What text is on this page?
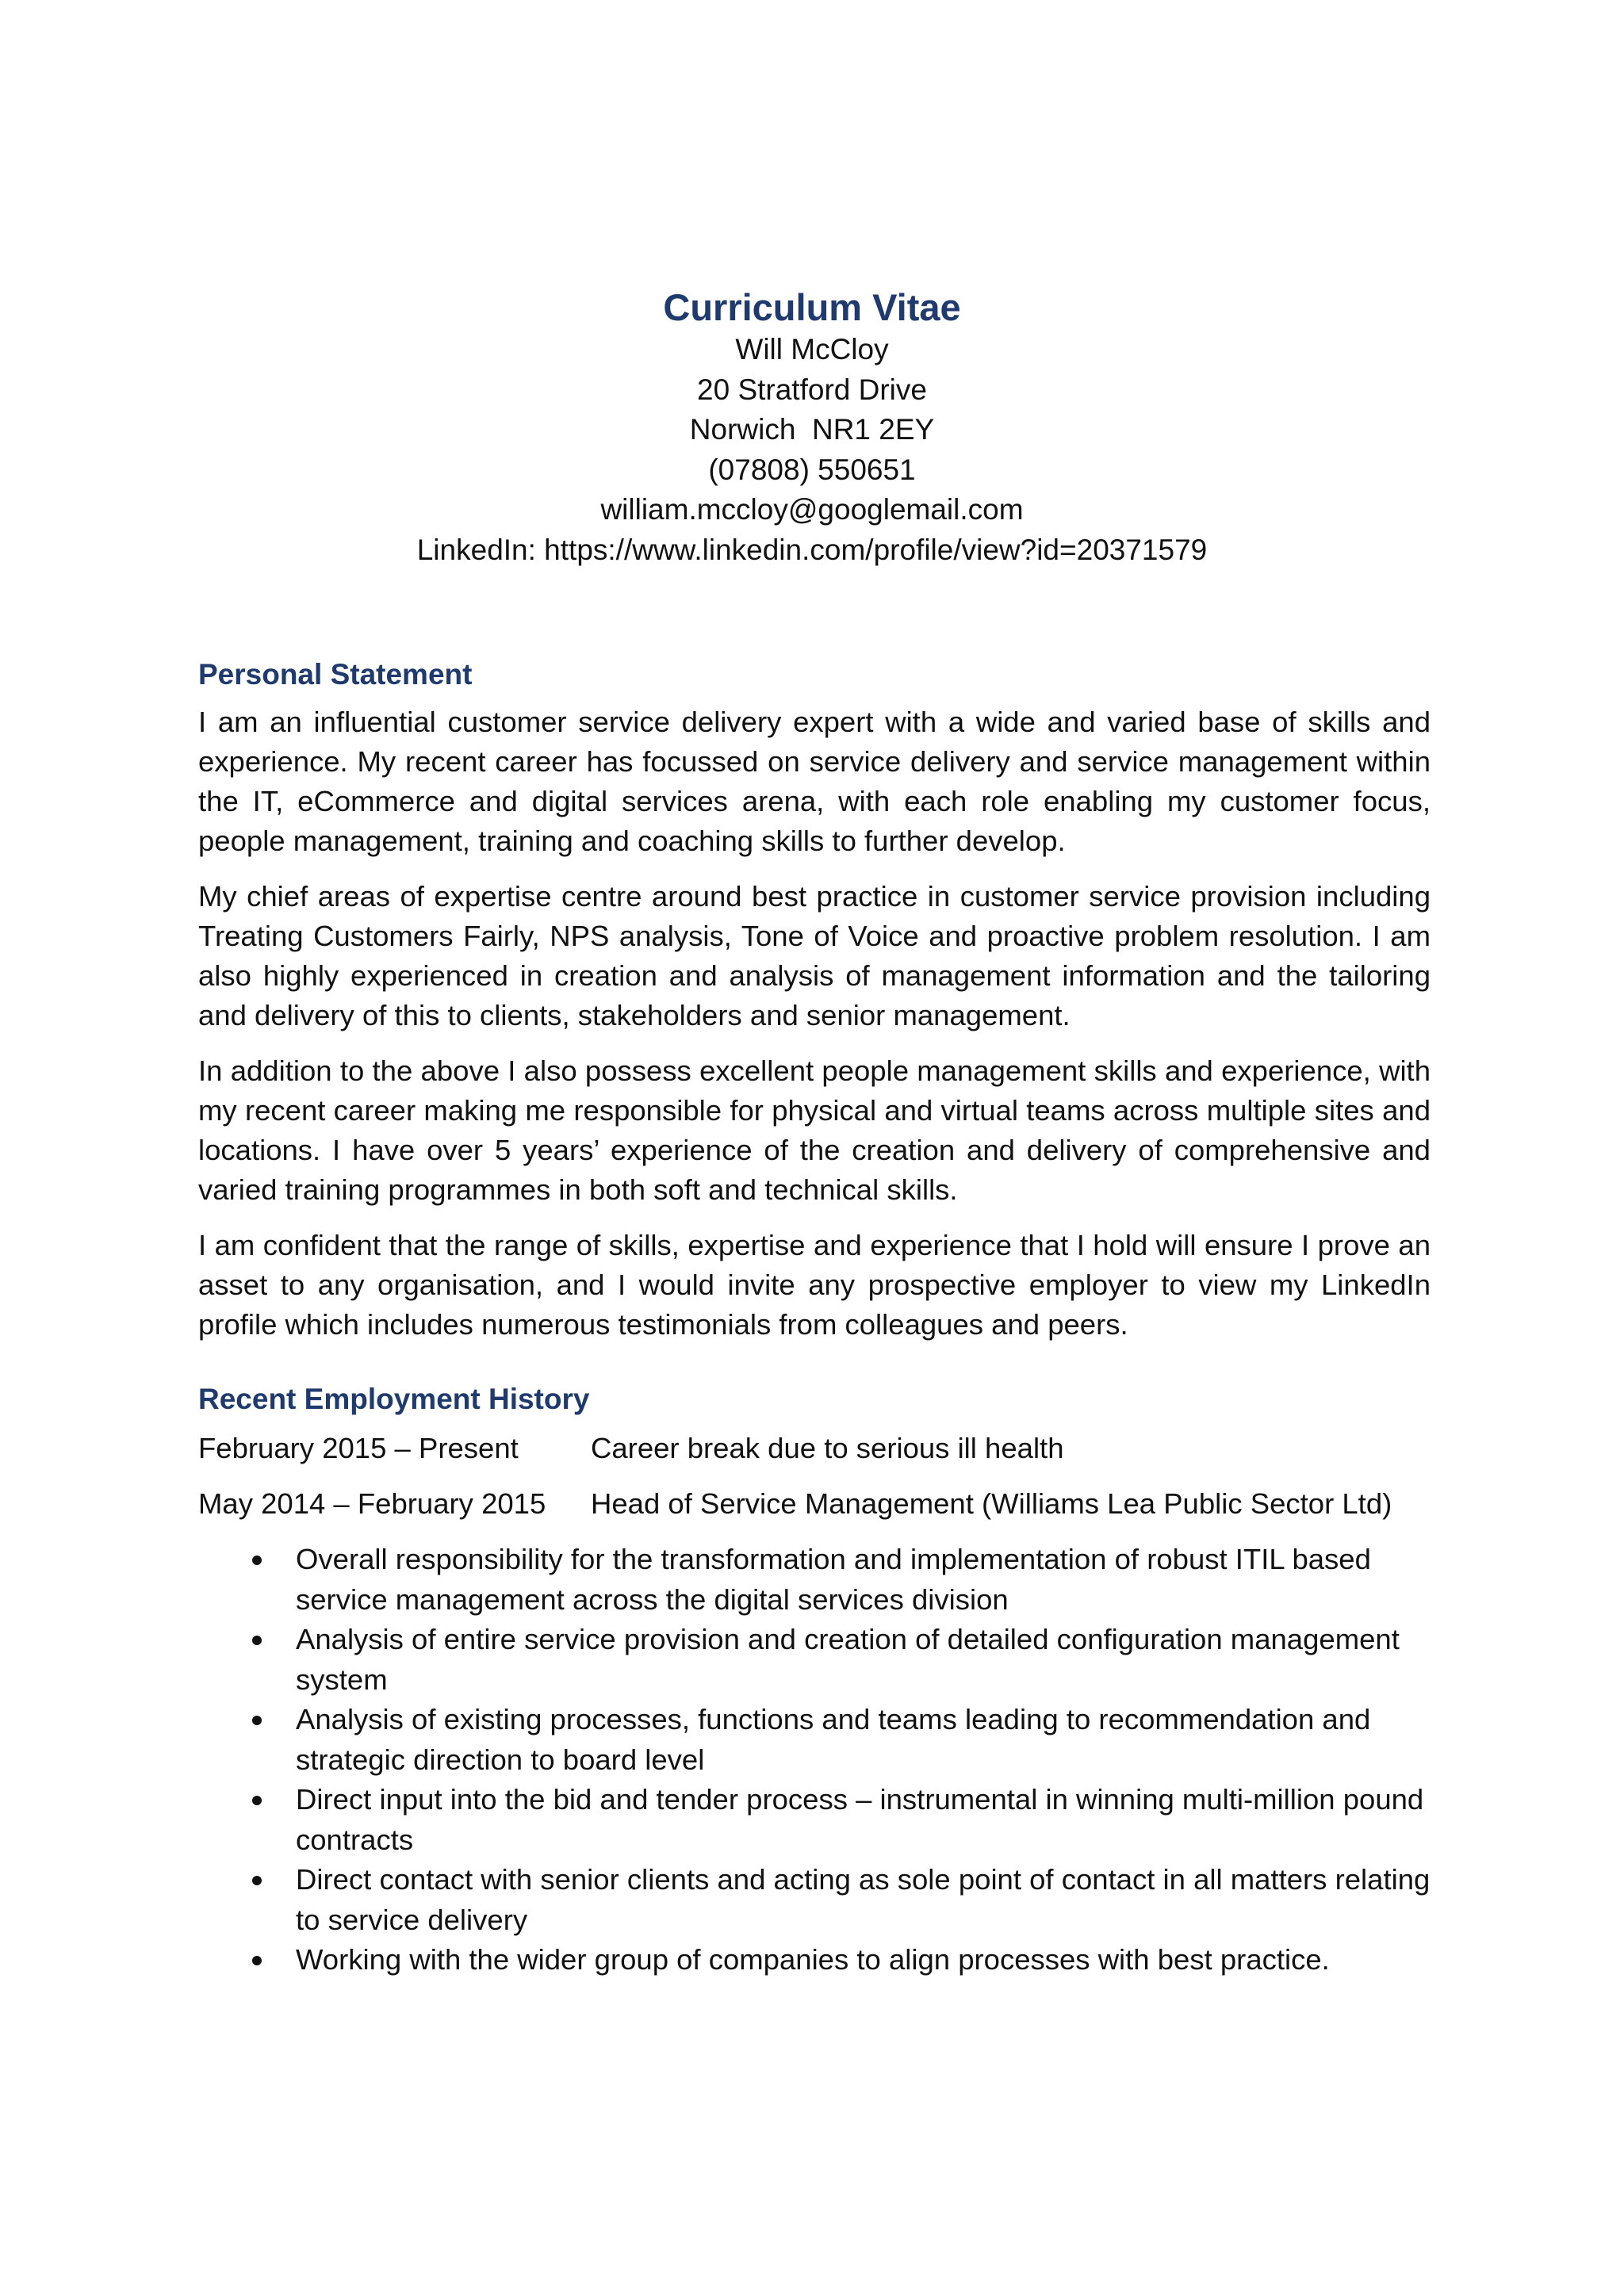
Curriculum Vitae

Will McCloy

20 Stratford Drive

Norwich  NR1 2EY

(07808) 550651

william.mccloy@googlemail.com

LinkedIn: https://www.linkedin.com/profile/view?id=20371579

Personal Statement

I am an influential customer service delivery expert with a wide and varied base of skills and experience. My recent career has focussed on service delivery and service management within the IT, eCommerce and digital services arena, with each role enabling my customer focus, people management, training and coaching skills to further develop.

My chief areas of expertise centre around best practice in customer service provision including Treating Customers Fairly, NPS analysis, Tone of Voice and proactive problem resolution. I am also highly experienced in creation and analysis of management information and the tailoring and delivery of this to clients, stakeholders and senior management.

In addition to the above I also possess excellent people management skills and experience, with my recent career making me responsible for physical and virtual teams across multiple sites and locations. I have over 5 years’ experience of the creation and delivery of comprehensive and varied training programmes in both soft and technical skills.

I am confident that the range of skills, expertise and experience that I hold will ensure I prove an asset to any organisation, and I would invite any prospective employer to view my LinkedIn profile which includes numerous testimonials from colleagues and peers.

Recent Employment History
February 2015 – Present	Career break due to serious ill health
May 2014 – February 2015	Head of Service Management (Williams Lea Public Sector Ltd)
Overall responsibility for the transformation and implementation of robust ITIL based service management across the digital services division
Analysis of entire service provision and creation of detailed configuration management system
Analysis of existing processes, functions and teams leading to recommendation and strategic direction to board level
Direct input into the bid and tender process – instrumental in winning multi-million pound contracts
Direct contact with senior clients and acting as sole point of contact in all matters relating to service delivery
Working with the wider group of companies to align processes with best practice.
